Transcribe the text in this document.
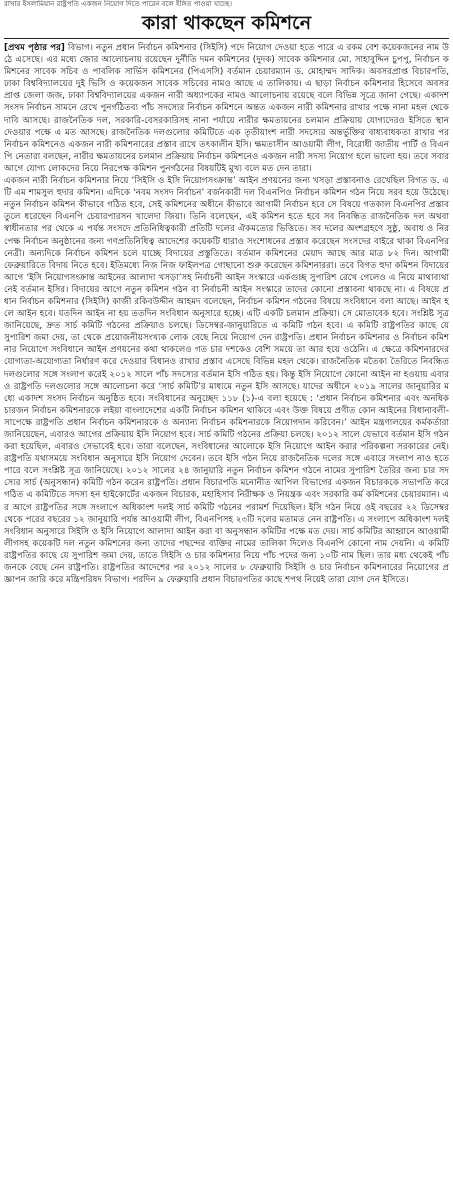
রাখার ইসলামিয়ান রাষ্ট্রপতি একজন নিয়োগ দিতে পারেন বলে ইঙ্গিত পাওয়া যাচ্ছে।
কারা থাকছেন কমিশনে

[প্রথম পৃষ্ঠার পর] বিভাগ। নতুন প্রধান নির্বাচন কমিশনার (সিইসি) পদে নিয়োগ দেওয়া হতে পারে এ রকম বেশ কয়েকজনের নাম উঠে এসেছে। এর মধ্যে জোর আলোচনায় রয়েছেন দুর্নীতি দমন কমিশনের (দুদক) সাবেক কমিশনার মো. সাহাবুদ্দিন চুপপু, নির্বাচন কমিশনের সাবেক সচিব ও পাবলিক সার্ভিস কমিশনের (পিএসসি) বর্তমান চেয়ারম্যান ড. মোহাম্মদ সাদিক। অবসরপ্রাপ্ত বিচারপতি, ঢাকা বিশ্ববিদ্যালয়ের দুই ভিসি ও কয়েকজন সাবেক সচিবের নামও আছে এ তালিকায়। এ ছাড়া নির্বাচন কমিশনার হিসেবে অবসরপ্রাপ্ত জেলা জজ, ঢাকা বিশ্ববিদ্যালয়ের একজন নারী অধ্যাপকের নামও আলোচনায় রয়েছে বলে বিভিন্ন সূত্রে জানা গেছে। একাদশ সংসদ নির্বাচন সামনে রেখে পুনর্গঠিতব্য পাঁচ সদস্যের নির্বাচন কমিশনে অন্তত একজন নারী কমিশনার রাখার পক্ষে নানা মহল থেকে দাবি আসছে। রাজনৈতিক দল, সরকারি-বেসরকারিসহ নানা পর্যায়ে নারীর ক্ষমতায়নের চলমান প্রক্রিয়ায় যোগ্যদেরও ইসিতে স্থান দেওয়ার পক্ষে এ মত আসছে। রাজনৈতিক দলগুলোর কমিটিতে এক তৃতীয়াংশ নারী সদস্যের অন্তর্ভুক্তির বাধ্যবাধকতা রাখার পর নির্বাচন কমিশনেও একজন নারী কমিশনারের প্রস্তাব রাখে তৎকালীন ইসি। ক্ষমতাসীন আওয়ামী লীগ, বিরোধী জাতীয় পার্টি ও বিএনপি নেতারা বলছেন, নারীর ক্ষমতায়নের চলমান প্রক্রিয়ায় নির্বাচন কমিশনেও একজন নারী সদস্য নিয়োগ হলে ভালো হয়। তবে সবার আগে যোগ্য লোকদের নিয়ে নিরপেক্ষ কমিশন পুনর্গঠনের বিষয়টিই মুখ্য বলে মত দেন তারা।

একজন নারী নির্বাচন কমিশনার নিয়ে ‘সিইসি ও ইসি নিয়োগসংক্রান্ত’ আইন প্রণয়নের জন্য খসড়া প্রস্তাবনাও রেখেছিল বিগত ড. এ টি এম শামসুল হুদার কমিশন। এদিকে ‘নবম সংসদ নির্বাচন’ বর্জনকারী দল বিএনপিও নির্বাচন কমিশন গঠন নিয়ে সরব হয়ে উঠেছে। নতুন নির্বাচন কমিশন কীভাবে গঠিত হবে, সেই কমিশনের অধীনে কীভাবে আগামী নির্বাচন হবে সে বিষয়ে গতকাল বিএনপির প্রস্তাব তুলে ধরেছেন বিএনপি চেয়ারপারসন খালেদা জিয়া। তিনি বলেছেন, এই কমিশন হতে হবে সব নিবন্ধিত রাজনৈতিক দল অথবা স্বাধীনতার পর থেকে এ পর্যন্ত সংসদে প্রতিনিধিত্বকারী প্রতিটি দলের ঐকমত্যের ভিত্তিতে। সব দলের অংশগ্রহণে সুষ্ঠু, অবাধ ও নিরপেক্ষ নির্বাচন অনুষ্ঠানের জন্য গণপ্রতিনিধিত্ব আদেশের কয়েকটি ধারাও সংশোধনের প্রস্তাব করেছেন সংসদের বাইরে থাকা বিএনপির নেত্রী। অন্যদিকে নির্বাচন কমিশন চলে যাচ্ছে বিদায়ের প্রস্তুতিতে। বর্তমান কমিশনের মেয়াদ আছে আর মাত্র ৮২ দিন। আগামী ফেব্রুয়ারিতে বিদায় নিতে হবে। ইতিমধ্যে নিজ নিজ ফাইলপত্র গোছানো শুরু করেছেন কমিশনাররা। তবে বিগত হুদা কমিশন বিদায়ের আগে ‘ইসি নিয়োগসংক্রান্ত আইনের আলাদা খসড়া’সহ নির্বাচনী আইন সংস্কারে একগুচ্ছ সুপারিশ রেখে গেলেও এ নিয়ে মাথাব্যথা নেই বর্তমান ইসির। বিদায়ের আগে নতুন কমিশন গঠন বা নির্বাচনী আইন সংস্কারে তাদের কোনো প্রস্তাবনা থাকছে না। এ বিষয়ে প্রধান নির্বাচন কমিশনার (সিইসি) কাজী রকিবউদ্দীন আহমদ বলেছেন, নির্বাচন কমিশন গঠনের বিষয়ে সংবিধানে বলা আছে। আইন হলে আইন হবে। যতদিন আইন না হয় ততদিন সংবিধান অনুসারে হচ্ছে। এটি একটি চলমান প্রক্রিয়া। সে মোতাবেক হবে। সংশ্লিষ্ট সূত্র জানিয়েছে, দ্রুত সার্চ কমিটি গঠনের প্রক্রিয়াও চলছে। ডিসেম্বর-জানুয়ারিতে এ কমিটি গঠন হবে। এ কমিটি রাষ্ট্রপতির কাছে যে সুপারিশ জমা দেয়, তা থেকে প্রয়োজনীয়সংখ্যক লোক বেছে নিয়ে নিয়োগ দেন রাষ্ট্রপতি। প্রধান নির্বাচন কমিশনার ও নির্বাচন কমিশনার নিয়োগে সংবিধানে আইন প্রণয়নের কথা থাকলেও গত চার দশকেও বেশি সময়ে তা আর হয়ে ওঠেনি। এ ক্ষেত্রে কমিশনারদের যোগ্যতা-অযোগ্যতা নির্ধারণ করে দেওয়ার বিধানও রাখার প্রস্তাব এসেছে বিভিন্ন মহল থেকে। রাজনৈতিক মতৈক্য তৈরিতে নিবন্ধিত দলগুলোর সঙ্গে সংলাপ করেই ২০১২ সালে পাঁচ সদস্যের বর্তমান ইসি গঠিত হয়। কিন্তু ইসি নিয়োগে কোনো আইন না হওয়ায় এবারও রাষ্ট্রপতি দলগুলোর সঙ্গে আলোচনা করে ‘সার্চ কমিটি’র মাধ্যমে নতুন ইসি আসছে। যাদের অধীনে ২০১৯ সালের জানুয়ারির মধ্যে একাদশ সংসদ নির্বাচন অনুষ্ঠিত হবে। সংবিধানের অনুচ্ছেদ ১১৮ (১)-এ বলা হয়েছে : ‘প্রধান নির্বাচন কমিশনার এবং অনধিক চারজন নির্বাচন কমিশনারকে লইয়া বাংলাদেশের একটি নির্বাচন কমিশন থাকিবে এবং উক্ত বিষয়ে প্রণীত কোন আইনের বিধানাবলী-সাপেক্ষে রাষ্ট্রপতি প্রধান নির্বাচন কমিশনারকে ও অন্যান্য নির্বাচন কমিশনারকে নিয়োগদান করিবেন।’ আইন মন্ত্রণালয়ের কর্মকর্তারা জানিয়েছেন, এবারও আগের প্রক্রিয়ায় ইসি নিয়োগ হবে। সার্চ কমিটি গঠনের প্রক্রিয়া চলছে। ২০১২ সালে যেভাবে বর্তমান ইসি গঠন করা হয়েছিল, এবারও সেভাবেই হবে। তারা বলেছেন, সংবিধানের আলোকে ইসি নিয়োগে আইন করার পরিকল্পনা সরকারের নেই। রাষ্ট্রপতি যথাসময়ে সংবিধান অনুসারে ইসি নিয়োগ দেবেন। তবে ইসি গঠন নিয়ে রাজনৈতিক দলের সঙ্গে এবারে সংলাপ নাও হতে পারে বলে সংশ্লিষ্ট সূত্র জানিয়েছে। ২০১২ সালের ২৪ জানুয়ারি নতুন নির্বাচন কমিশন গঠনে নামের সুপারিশ তৈরির জন্য চার সদস্যের সার্চ (অনুসন্ধান) কমিটি গঠন করেন রাষ্ট্রপতি। প্রধান বিচারপতি মনোনীত আপিল বিভাগের একজন বিচারককে সভাপতি করে গঠিত এ কমিটিতে সদস্য হন হাইকোর্টের একজন বিচারক, মহাহিসাব নিরীক্ষক ও নিয়ন্ত্রক এবং সরকারি কর্ম কমিশনের চেয়ারম্যান। এর আগে রাষ্ট্রপতির সঙ্গে সংলাপে অধিকাংশ দলই সার্চ কমিটি গঠনের পরামর্শ দিয়েছিল। ইসি গঠন নিয়ে ওই বছরের ২২ ডিসেম্বর থেকে পরের বছরের ১২ জানুয়ারি পর্যন্ত আওয়ামী লীগ, বিএনপিসহ ২৩টি দলের মতামত নেন রাষ্ট্রপতি। এ সংলাপে অধিকাংশ দলই সংবিধান অনুসারে সিইসি ও ইসি নিয়োগে আলাদা আইন করা বা অনুসন্ধান কমিটির পক্ষে মত দেয়। সার্চ কমিটির আহ্বানে আওয়ামী লীগসহ কয়েকটি দল নতুন কমিশনের জন্য তাদের পছন্দের ব্যক্তির নামের তালিকা দিলেও বিএনপি কোনো নাম দেয়নি। এ কমিটি রাষ্ট্রপতির কাছে যে সুপারিশ জমা দেয়, তাতে সিইসি ও চার কমিশনার নিয়ে পাঁচ পদের জন্য ১০টি নাম ছিল। তার মধ্য থেকেই পাঁচজনকে বেছে নেন রাষ্ট্রপতি। রাষ্ট্রপতির আদেশের পর ২০১২ সালের ৮ ফেব্রুয়ারি সিইসি ও চার নির্বাচন কমিশনারের নিয়োগের প্রজ্ঞাপন জারি করে মন্ত্রিপরিষদ বিভাগ। পরদিন ৯ ফেব্রুয়ারি প্রধান বিচারপতির কাছে শপথ নিয়েই তারা যোগ দেন ইসিতে।
